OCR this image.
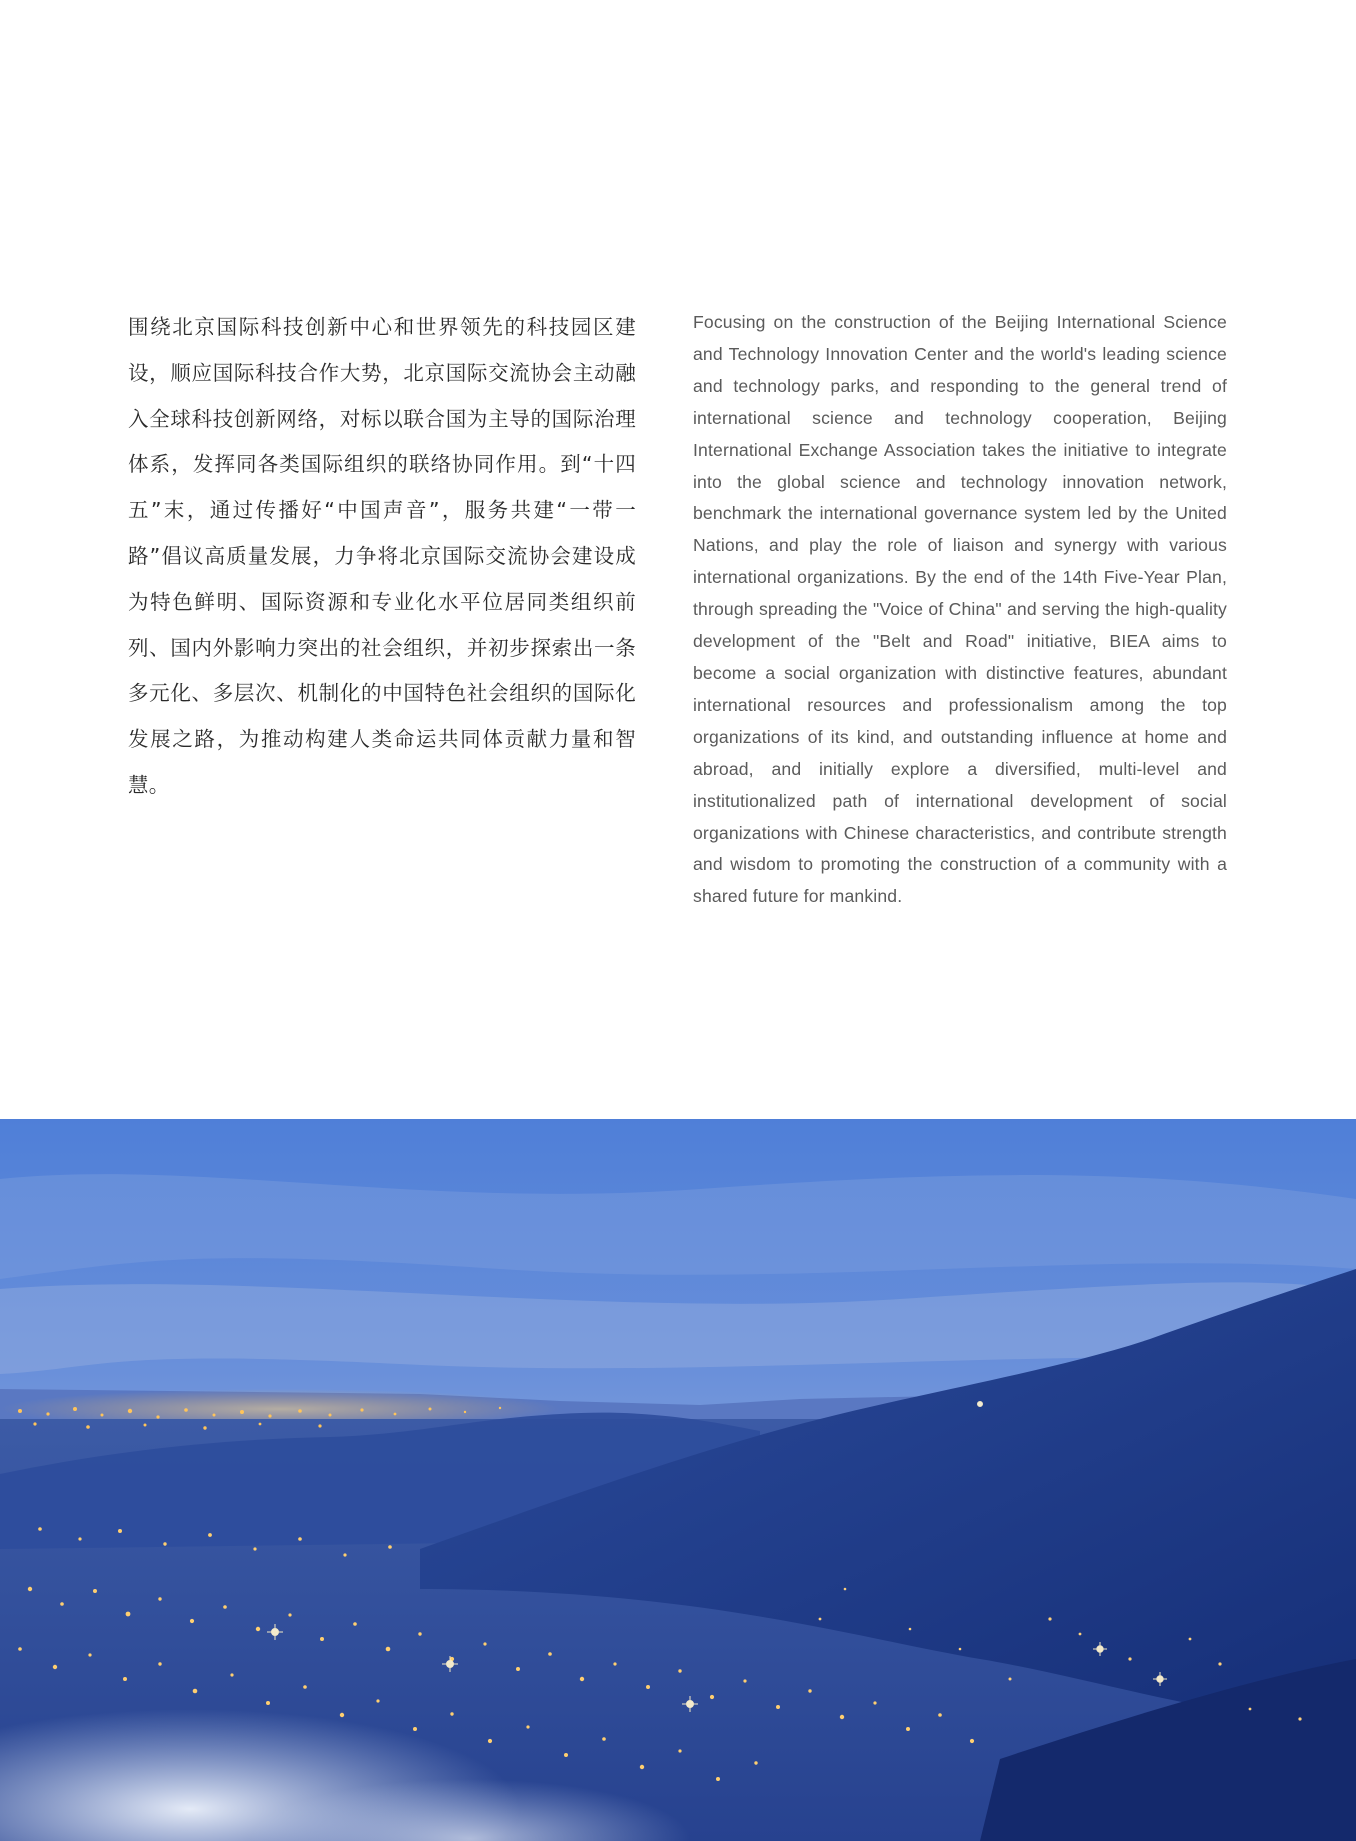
围绕北京国际科技创新中心和世界领先的科技园区建设，顺应国际科技合作大势，北京国际交流协会主动融入全球科技创新网络，对标以联合国为主导的国际治理体系，发挥同各类国际组织的联络协同作用。到“十四五”末，通过传播好“中国声音”，服务共建“一带一路”倡议高质量发展，力争将北京国际交流协会建设成为特色鲜明、国际资源和专业化水平位居同类组织前列、国内外影响力突出的社会组织，并初步探索出一条多元化、多层次、机制化的中国特色社会组织的国际化发展之路，为推动构建人类命运共同体贡献力量和智慧。

Focusing on the construction of the Beijing International Science and Technology Innovation Center and the world's leading science and technology parks, and responding to the general trend of international science and technology cooperation, Beijing International Exchange Association takes the initiative to integrate into the global science and technology innovation network, benchmark the international governance system led by the United Nations, and play the role of liaison and synergy with various international organizations. By the end of the 14th Five-Year Plan, through spreading the "Voice of China" and serving the high-quality development of the "Belt and Road" initiative, BIEA aims to become a social organization with distinctive features, abundant international resources and professionalism among the top organizations of its kind, and outstanding influence at home and abroad, and initially explore a diversified, multi-level and institutionalized path of international development of social organizations with Chinese characteristics, and contribute strength and wisdom to promoting the construction of a community with a shared future for mankind.
